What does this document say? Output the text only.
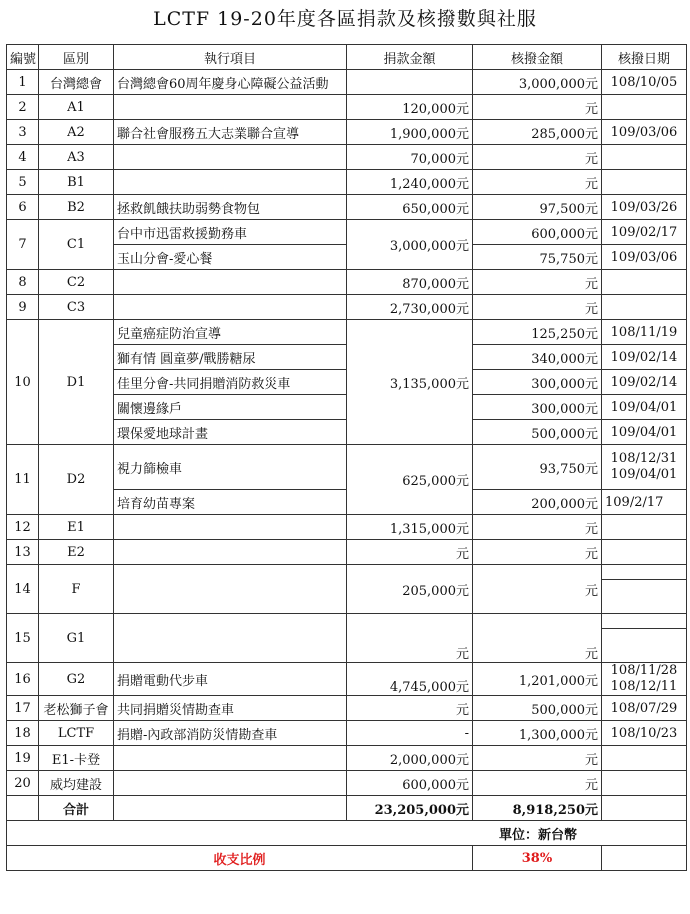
LCTF 19-20年度各區捐款及核撥數與社服
編號	區別	執行項目	捐款金額	核撥金額	核撥日期
1	台灣總會	台灣總會60周年慶身心障礙公益活動		3,000,000元	108/10/05
2	A1		120,000元	元	
3	A2	聯合社會服務五大志業聯合宣導	1,900,000元	285,000元	109/03/06
4	A3		70,000元	元	
5	B1		1,240,000元	元	
6	B2	拯救飢餓扶助弱勢食物包	650,000元	97,500元	109/03/26
7	C1	台中市迅雷救援勤務車	3,000,000元	600,000元	109/02/17
		玉山分會-愛心餐		75,750元	109/03/06
8	C2		870,000元	元	
9	C3		2,730,000元	元	
10	D1	兒童癌症防治宣導	3,135,000元	125,250元	108/11/19
		獅有情 圓童夢/戰勝糖尿		340,000元	109/02/14
		佳里分會-共同捐贈消防救災車		300,000元	109/02/14
		關懷邊緣戶		300,000元	109/04/01
		環保愛地球計畫		500,000元	109/04/01
11	D2	視力篩檢車	625,000元	93,750元	108/12/31
109/04/01

		培育幼苗專案		200,000元	109/2/17
12	E1		1,315,000元	元	
13	E2		元	元	
14	F		205,000元	元	

15	G1		元	元	

16	G2	捐贈電動代步車	4,745,000元	1,201,000元	108/11/28
108/12/11

17	老松獅子會	共同捐贈災情勘查車	元	500,000元	108/07/29
18	LCTF	捐贈-內政部消防災情勘查車	-	1,300,000元	108/10/23
19	E1-卡登		2,000,000元	元	
20	威均建設		600,000元	元	
	合計		23,205,000元	8,918,250元	
單位：新台幣					
收支比例				38%	
